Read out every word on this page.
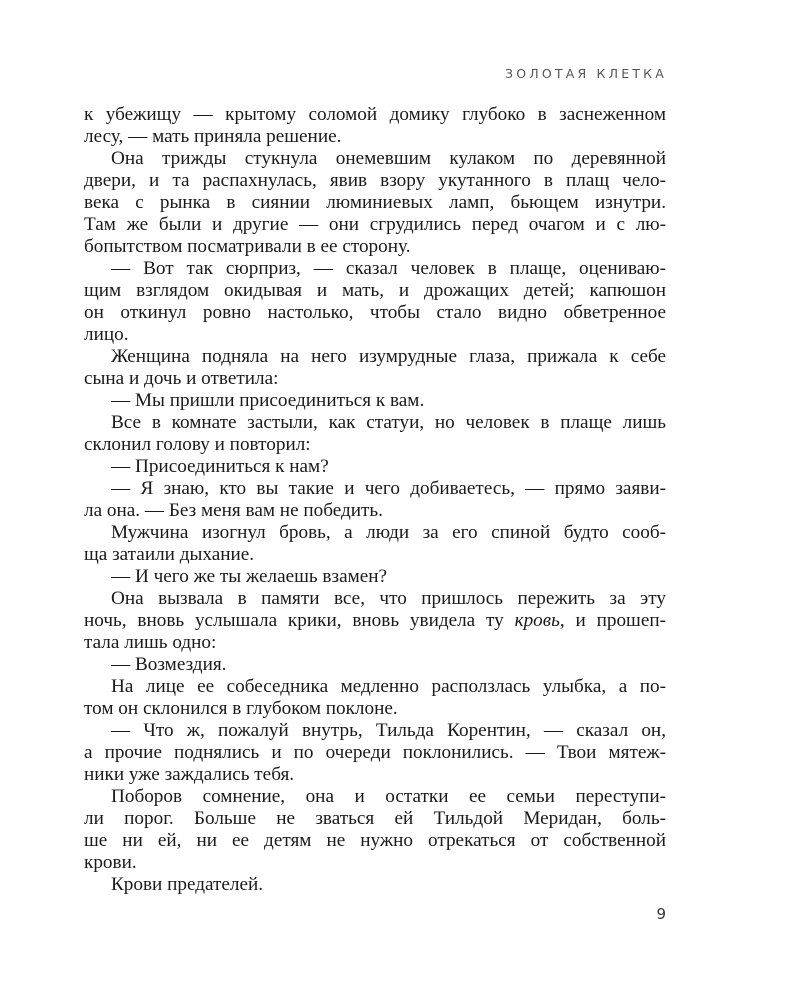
ЗОЛОТАЯ КЛЕТКА
к убежищу — крытому соломой домику глубоко в заснеженном
лесу, — мать приняла решение.
Она трижды стукнула онемевшим кулаком по деревянной
двери, и та распахнулась, явив взору укутанного в плащ чело-
века с рынка в сиянии люминиевых ламп, бьющем изнутри.
Там же были и другие — они сгрудились перед очагом и с лю-
бопытством посматривали в ее сторону.
— Вот так сюрприз, — сказал человек в плаще, оцениваю-
щим взглядом окидывая и мать, и дрожащих детей; капюшон
он откинул ровно настолько, чтобы стало видно обветренное
лицо.
Женщина подняла на него изумрудные глаза, прижала к себе
сына и дочь и ответила:
— Мы пришли присоединиться к вам.
Все в комнате застыли, как статуи, но человек в плаще лишь
склонил голову и повторил:
— Присоединиться к нам?
— Я знаю, кто вы такие и чего добиваетесь, — прямо заяви-
ла она. — Без меня вам не победить.
Мужчина изогнул бровь, а люди за его спиной будто сооб-
ща затаили дыхание.
— И чего же ты желаешь взамен?
Она вызвала в памяти все, что пришлось пережить за эту
ночь, вновь услышала крики, вновь увидела ту кровь, и прошеп-
тала лишь одно:
— Возмездия.
На лице ее собеседника медленно расползлась улыбка, а по-
том он склонился в глубоком поклоне.
— Что ж, пожалуй внутрь, Тильда Корентин, — сказал он,
а прочие поднялись и по очереди поклонились. — Твои мятеж-
ники уже заждались тебя.
Поборов сомнение, она и остатки ее семьи переступи-
ли порог. Больше не зваться ей Тильдой Меридан, боль-
ше ни ей, ни ее детям не нужно отрекаться от собственной
крови.
Крови предателей.
9
